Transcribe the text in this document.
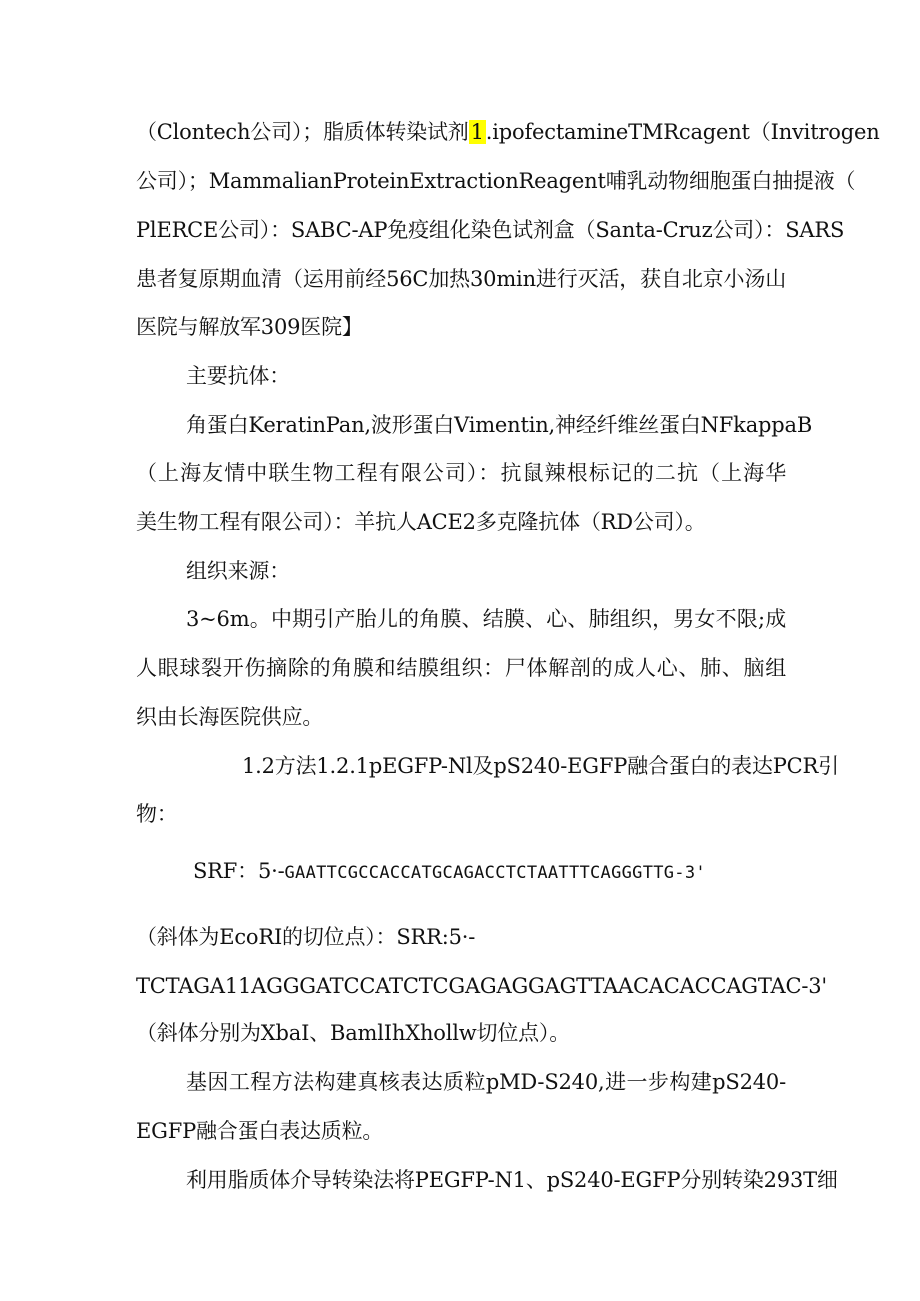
（Clontech公司）；脂质体转染试剂1.ipofectamineTMRcagent（Invitrogen
公司）；MammalianProteinExtractionReagent哺乳动物细胞蛋白抽提液（
PlERCE公司）：SABC-AP免疫组化染色试剂盒（Santa-Cruz公司）：SARS
患者复原期血清（运用前经56C加热30min进行灭活，获自北京小汤山
医院与解放军309医院】
主要抗体：
角蛋白KeratinPan,波形蛋白Vimentin,神经纤维丝蛋白NFkappaB
（上海友情中联生物工程有限公司）：抗鼠辣根标记的二抗（上海华
美生物工程有限公司）：羊抗人ACE2多克隆抗体（RD公司）。
组织来源：
3~6m。中期引产胎儿的角膜、结膜、心、肺组织，男女不限;成
人眼球裂开伤摘除的角膜和结膜组织：尸体解剖的成人心、肺、脑组
织由长海医院供应。
1.2方法1.2.1pEGFP-Nl及pS240-EGFP融合蛋白的表达PCR引
物：
SRF：5·-GAATTCGCCACCATGCAGACCTCTAATTTCAGGGTTG-3'
（斜体为EcoRI的切位点）：SRR:5·-
TCTAGA11AGGGATCCATCTCGAGAGGAGTTAACACACCAGTAC-3'
（斜体分别为XbaI、BamlIhXhollw切位点）。
基因工程方法构建真核表达质粒pMD-S240,进一步构建pS240-
EGFP融合蛋白表达质粒。
利用脂质体介导转染法将PEGFP-N1、pS240-EGFP分别转染293T细
